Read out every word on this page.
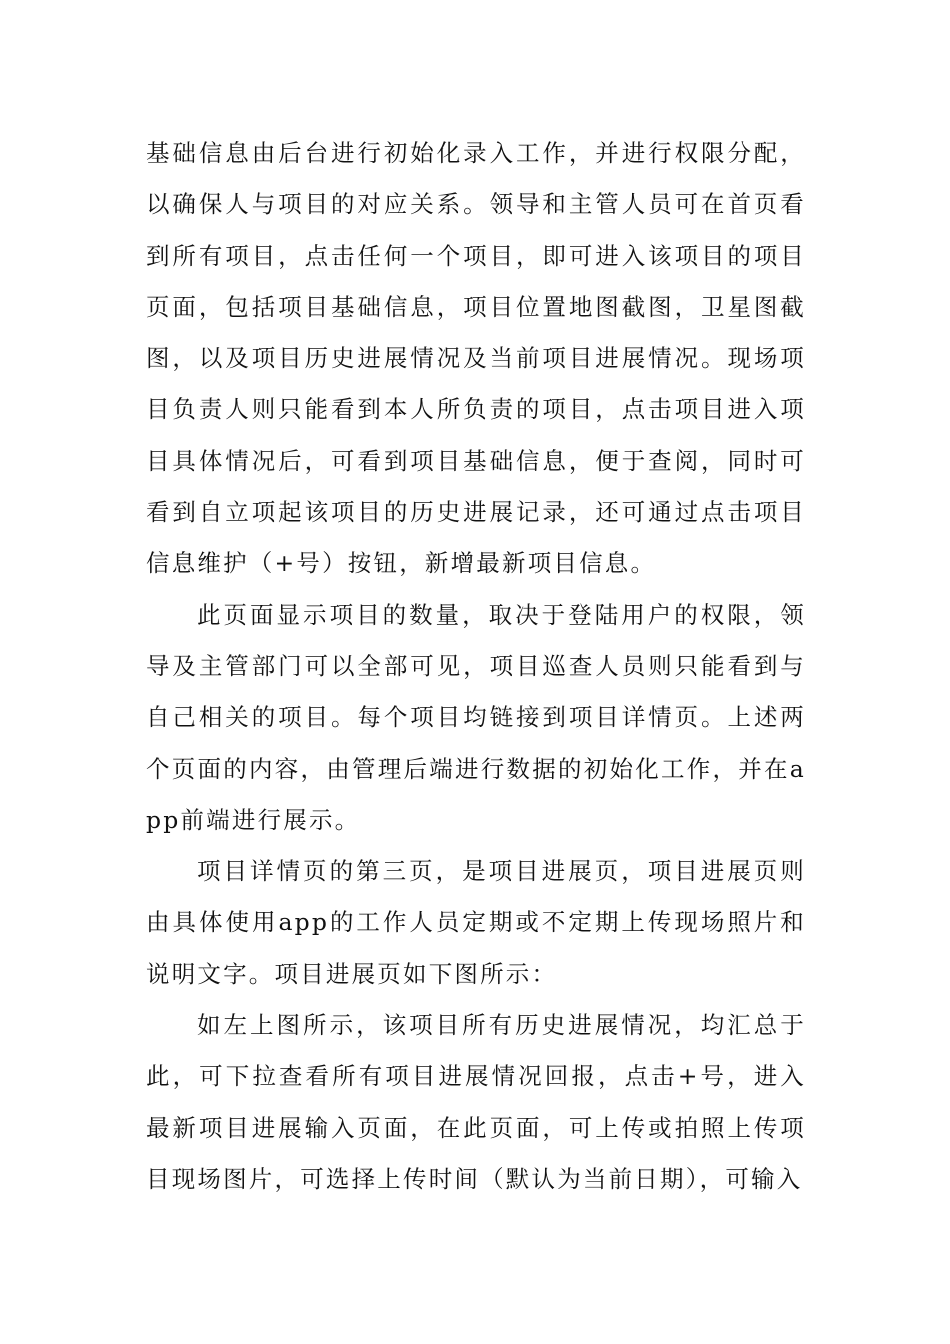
基础信息由后台进行初始化录入工作，并进行权限分配，以确保人与项目的对应关系。领导和主管人员可在首页看到所有项目，点击任何一个项目，即可进入该项目的项目页面，包括项目基础信息，项目位置地图截图，卫星图截图，以及项目历史进展情况及当前项目进展情况。现场项目负责人则只能看到本人所负责的项目，点击项目进入项目具体情况后，可看到项目基础信息，便于查阅，同时可看到自立项起该项目的历史进展记录，还可通过点击项目信息维护（+号）按钮，新增最新项目信息。

此页面显示项目的数量，取决于登陆用户的权限，领导及主管部门可以全部可见，项目巡查人员则只能看到与自己相关的项目。每个项目均链接到项目详情页。上述两个页面的内容，由管理后端进行数据的初始化工作，并在app前端进行展示。

项目详情页的第三页，是项目进展页，项目进展页则由具体使用app的工作人员定期或不定期上传现场照片和说明文字。项目进展页如下图所示：

如左上图所示，该项目所有历史进展情况，均汇总于此，可下拉查看所有项目进展情况回报，点击+号，进入最新项目进展输入页面，在此页面，可上传或拍照上传项目现场图片，可选择上传时间（默认为当前日期），可输入
